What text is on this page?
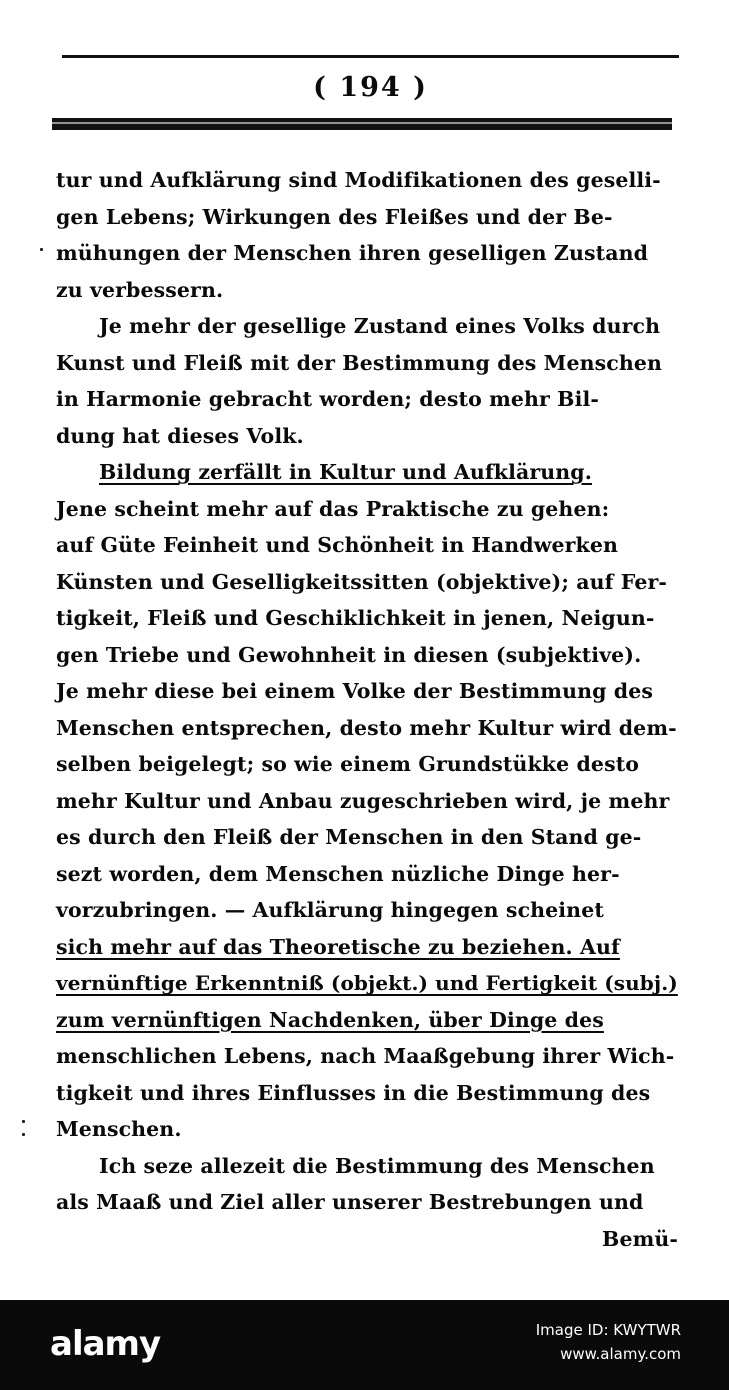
( 194 )
tur und Aufklärung sind Modifikationen des geselli-
gen Lebens; Wirkungen des Fleißes und der Be-
mühungen der Menschen ihren geselligen Zustand
zu verbessern.
Je mehr der gesellige Zustand eines Volks durch
Kunst und Fleiß mit der Bestimmung des Menschen
in Harmonie gebracht worden; desto mehr Bil-
dung hat dieses Volk.
Bildung zerfällt in Kultur und Aufklärung.
Jene scheint mehr auf das Praktische zu gehen:
auf Güte Feinheit und Schönheit in Handwerken
Künsten und Geselligkeitssitten (objektive); auf Fer-
tigkeit, Fleiß und Geschiklichkeit in jenen, Neigun-
gen Triebe und Gewohnheit in diesen (subjektive).
Je mehr diese bei einem Volke der Bestimmung des
Menschen entsprechen, desto mehr Kultur wird dem-
selben beigelegt; so wie einem Grundstükke desto
mehr Kultur und Anbau zugeschrieben wird, je mehr
es durch den Fleiß der Menschen in den Stand ge-
sezt worden, dem Menschen nüzliche Dinge her-
vorzubringen. — Aufklärung hingegen scheinet
sich mehr auf das Theoretische zu beziehen. Auf
vernünftige Erkenntniß (objekt.) und Fertigkeit (subj.)
zum vernünftigen Nachdenken, über Dinge des
menschlichen Lebens, nach Maaßgebung ihrer Wich-
tigkeit und ihres Einflusses in die Bestimmung des
Menschen.
Ich seze allezeit die Bestimmung des Menschen
als Maaß und Ziel aller unserer Bestrebungen und
Bemü-
alamy	Image ID: KWYTWR
www.alamy.com
